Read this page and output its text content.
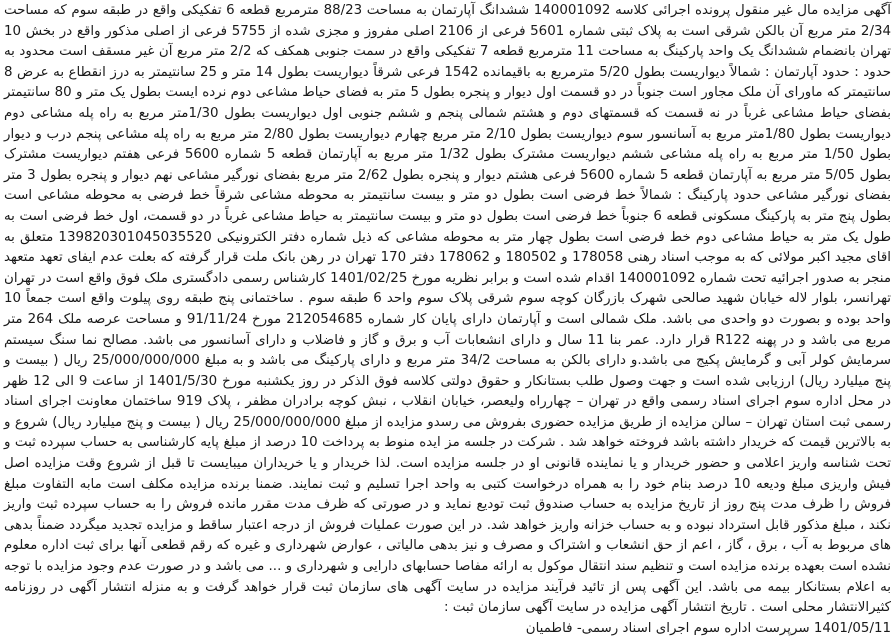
آگهی مزایده مال غیر منقول پرونده اجرائی کلاسه 140001092 ششدانگ آپارتمان به مساحت 88/23 مترمربع قطعه 6 تفکیکی واقع در طبقه سوم که مساحت 2/34 متر مربع آن بالکن شرقی است به پلاک ثبتی شماره 5601 فرعی از 2106 اصلی مفروز و مجزی شده از 5755 فرعی از اصلی مذکور واقع در بخش 10 تهران بانضمام ششدانگ یک واحد پارکینگ به مساحت 11 مترمربع قطعه 7 تفکیکی واقع در سمت جنوبی همکف که 2/2 متر مربع آن غیر مسقف است محدود به حدود : حدود آپارتمان : شمالاً دیواریست بطول 5/20 مترمربع به باقیمانده 1542 فرعی شرقاً دیواریست بطول 14 متر و 25 سانتیمتر به درز انقطاع به عرض 8 سانتیمتر که ماورای آن ملک مجاور است جنوباً در دو قسمت اول دیوار و پنجره بطول 5 متر به فضای حیاط مشاعی دوم نرده ایست بطول یک متر و 80 سانتیمتر بفضای حیاط مشاعی غرباً در نه قسمت که قسمتهای دوم و هشتم شمالی پنجم و ششم جنوبی اول دیواریست بطول 1/30متر مربع به راه پله مشاعی دوم دیواریست بطول 1/80متر مربع به آسانسور سوم دیواریست بطول 2/10 متر مربع چهارم دیواریست بطول 2/80 متر مربع به راه پله مشاعی پنجم درب و دیوار بطول 1/50 متر مربع به راه پله مشاعی ششم دیواریست مشترک بطول 1/32 متر مربع به آپارتمان قطعه 5 شماره 5600 فرعی هفتم دیواریست مشترک بطول 5/05 متر مربع به آپارتمان قطعه 5 شماره 5600 فرعی هشتم دیوار و پنجره بطول 2/62 متر مربع بفضای نورگیر مشاعی نهم دیوار و پنجره بطول 3 متر بفضای نورگیر مشاعی حدود پارکینگ : شمالاً خط فرضی است بطول دو متر و بیست سانتیمتر به محوطه مشاعی شرقاً خط فرضی به محوطه مشاعی است بطول پنج متر به پارکینگ مسکونی قطعه 6 جنوباً خط فرضی است بطول دو متر و بیست سانتیمتر به حیاط مشاعی غرباً در دو قسمت، اول خط فرضی است به طول یک متر به حیاط مشاعی دوم خط فرضی است بطول چهار متر به محوطه مشاعی که ذیل شماره دفتر الکترونیکی 13982030104503552​0 متعلق به اقای مجید اکبر مولائی که به موجب اسناد رهنی 178058 و 180502 و 178062 دفتر 170 تهران در رهن بانک ملت قرار گرفته که بعلت عدم ایفای تعهد متعهد منجر به صدور اجرائیه تحت شماره 140001092 اقدام شده است و برابر نظریه مورخ 1401/02/25 کارشناس رسمی دادگستری ملک فوق واقع است در تهران تهرانسر، بلوار لاله خیابان شهید صالحی شهرک بازرگان کوچه سوم شرقی پلاک سوم واحد 6 طبقه سوم . ساختمانی پنج طبقه روی پیلوت واقع است جمعاً 10 واحد بوده و بصورت دو واحدی می باشد. ملک شمالی است و آپارتمان دارای پایان کار شماره 212054685 مورخ 91/11/24 و مساحت عرصه ملک 264 متر مربع می باشد و در پهنه R122 قرار دارد. عمر بنا 11 سال و دارای انشعابات آب و برق و گاز و فاضلاب و دارای آسانسور می باشد. مصالح نما سنگ سیستم سرمایش کولر آبی و گرمایش پکیج می باشد.و دارای بالکن به مساحت 34/2 متر مربع و دارای پارکینگ می باشد و به مبلغ 25/000/000/000 ریال ( بیست و پنج میلیارد ریال) ارزیابی شده است و جهت وصول طلب بستانکار و حقوق دولتی کلاسه فوق الذکر در روز یکشنبه مورخ 1401/5/30 از ساعت 9 الی 12 ظهر در محل اداره سوم اجرای اسناد رسمی واقع در تهران – چهارراه ولیعصر، خیابان انقلاب ، نبش کوچه برادران مظفر ، پلاک 919 ساختمان معاونت اجرای اسناد رسمی ثبت استان تهران – سالن مزایده از طریق مزایده حضوری بفروش می رسدو مزایده از مبلغ 25/000/000/000 ریال ( بیست و پنج میلیارد ریال) شروع و به بالاترین قیمت که خریدار داشته باشد فروخته خواهد شد . شرکت در جلسه مز ایده منوط به پرداخت 10 درصد از مبلغ پایه کارشناسی به حساب سپرده ثبت و تحت شناسه واریز اعلامی و حضور خریدار و یا نماینده قانونی او در جلسه مزایده است. لذا خریدار و یا خریداران میبایست تا قبل از شروع وقت مزایده اصل فیش واریزی مبلغ ودیعه 10 درصد بنام خود را به همراه درخواست کتبی به واحد اجرا تسلیم و ثبت نمایند. ضمنا برنده مزایده مکلف است مابه التفاوت مبلغ فروش را ظرف مدت پنج روز از تاریخ مزایده به حساب صندوق ثبت تودیع نماید و در صورتی که ظرف مدت مقرر مانده فروش را به حساب سپرده ثبت واریز نکند ، مبلغ مذکور قابل استرداد نبوده و به حساب خزانه واریز خواهد شد. در این صورت عملیات فروش از درجه اعتبار ساقط و مزایده تجدید میگردد ضمناً بدهی های مربوط به آب ، برق ، گاز ، اعم از حق انشعاب و اشتراک و مصرف و نیز بدهی مالیاتی ، عوارض شهرداری و غیره که رقم قطعی آنها برای ثبت اداره معلوم نشده است بعهده برنده مزایده است و تنظیم سند انتقال موکول به ارائه مفاصا حسابهای دارایی و شهرداری و ... می باشد و در صورت عدم وجود مزایده با توجه به اعلام بستانکار بیمه می باشد. این آگهی پس از تائید فرآیند مزایده در سایت آگهی های سازمان ثبت قرار خواهد گرفت و به منزله انتشار آگهی در روزنامه کثیرالانتشار محلی است . تاریخ انتشار آگهی مزایده در سایت آگهی سازمان ثبت :

1401/05/11 سرپرست اداره سوم اجرای اسناد رسمی- فاطمیان
